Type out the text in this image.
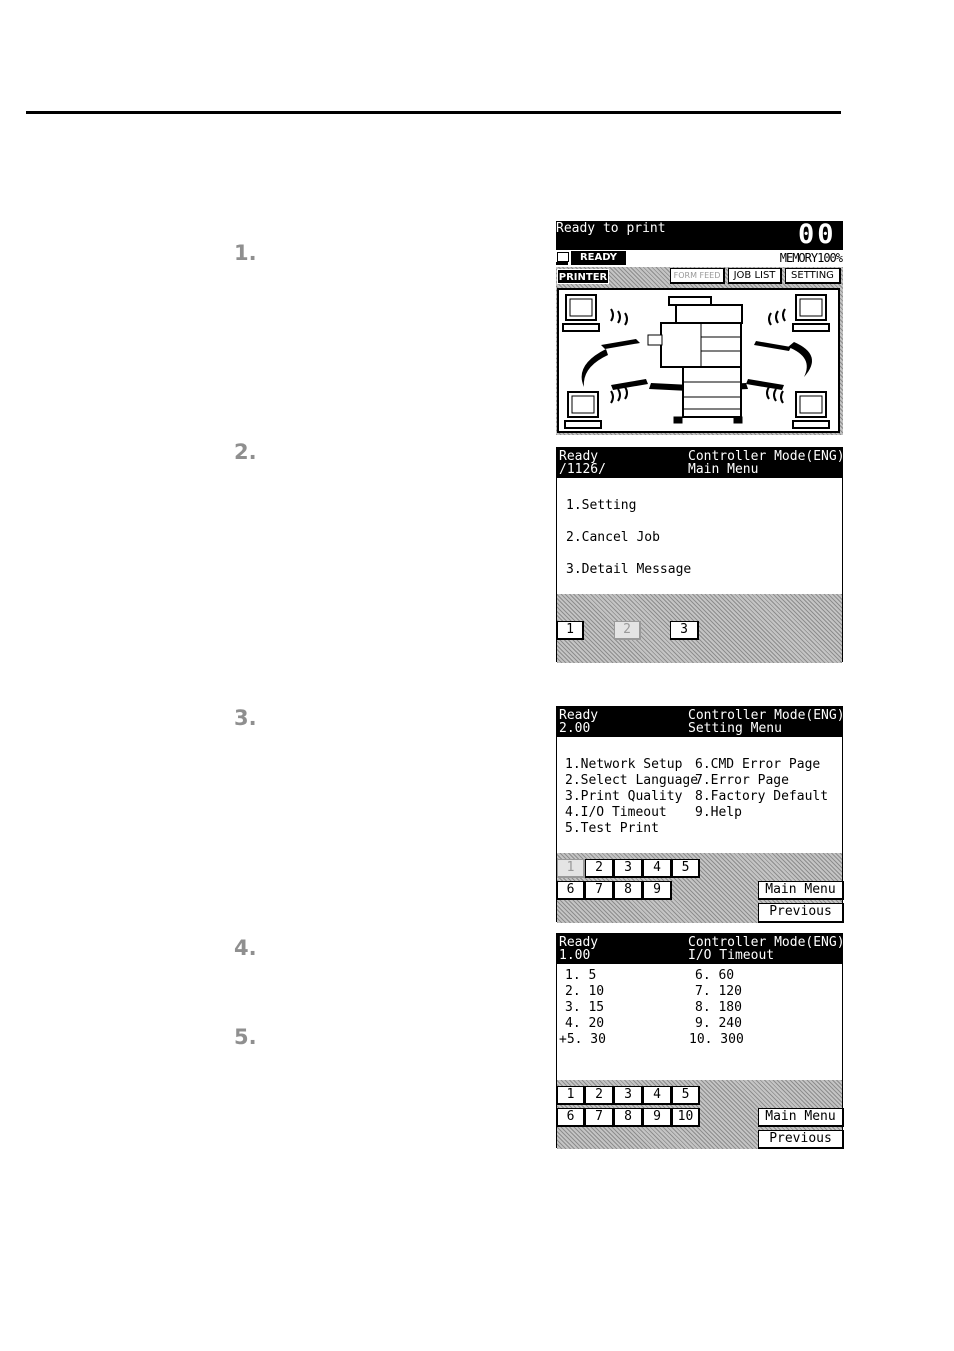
1.
2.
3.
4.
5.
Ready to print	00 1
READY	MEMORY100%
PRINTER	FORM FEED	JOB LIST	SETTING
Ready
/1126/
Controller Mode(ENG)
Main Menu
1.Setting
2.Cancel Job
3.Detail Message
1	2	3
Ready
2.00
Controller Mode(ENG)
Setting Menu
1.Network Setup
2.Select Language
3.Print Quality
4.I/O Timeout
5.Test Print
6.CMD Error Page
7.Error Page
8.Factory Default
9.Help
1	2	3	4	5
6	7	8	9	Main Menu
Previous
Ready
1.00
Controller Mode(ENG)
I/O Timeout
1. 5
2. 10
3. 15
4. 20
+5. 30
6. 60
7. 120
8. 180
9. 240
10. 300
1	2	3	4	5
6	7	8	9	10	Main Menu
Previous
